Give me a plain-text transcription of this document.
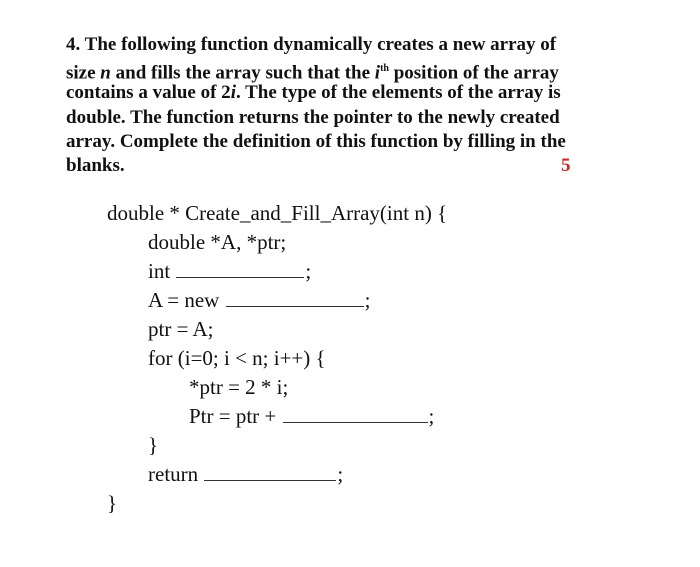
4. The following function dynamically creates a new array of
size n and fills the array such that the $i^{th}$ position of the array
contains a value of 2i. The type of the elements of the array is
double. The function returns the pointer to the newly created
array. Complete the definition of this function by filling in the
blanks.	5
double * Create_and_Fill_Array(int n) {
double *A, *ptr;
int	;
A = new	;
ptr = A;
for (i=0; i < n; i++) {
*ptr = 2 * i;
Ptr = ptr +	;
}
return	;
}
